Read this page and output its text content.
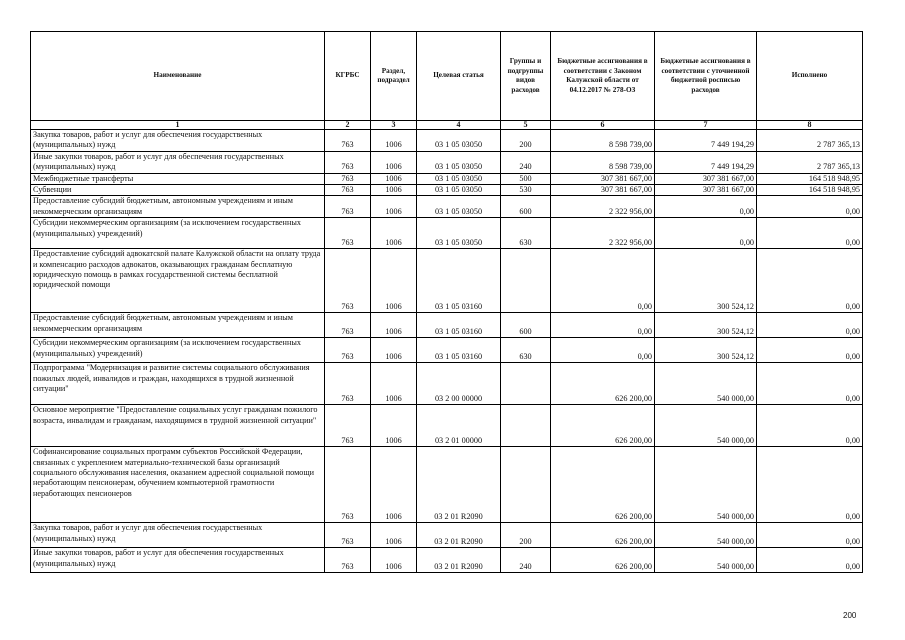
Наименование	КГРБС	Раздел, подраздел	Целевая статья	Группы и подгруппы видов расходов	Бюджетные ассигнования в соответствии с Законом Калужской области от 04.12.2017 № 278-ОЗ	Бюджетные ассигнования в соответствии с уточненной бюджетной росписью расходов	Исполнено
1	2	3	4	5	6	7	8
Закупка товаров, работ и услуг для обеспечения государственных (муниципальных) нужд	763	1006	03 1 05 03050	200	8 598 739,00	7 449 194,29	2 787 365,13
Иные закупки товаров, работ и услуг для обеспечения государственных (муниципальных) нужд	763	1006	03 1 05 03050	240	8 598 739,00	7 449 194,29	2 787 365,13
Межбюджетные трансферты	763	1006	03 1 05 03050	500	307 381 667,00	307 381 667,00	164 518 948,95
Субвенции	763	1006	03 1 05 03050	530	307 381 667,00	307 381 667,00	164 518 948,95
Предоставление субсидий бюджетным, автономным учреждениям и иным некоммерческим организациям	763	1006	03 1 05 03050	600	2 322 956,00	0,00	0,00
Субсидии некоммерческим организациям (за исключением государственных (муниципальных) учреждений)	763	1006	03 1 05 03050	630	2 322 956,00	0,00	0,00
Предоставление субсидий адвокатской палате Калужской области на оплату труда и компенсацию расходов адвокатов, оказывающих гражданам бесплатную юридическую помощь в рамках государственной системы бесплатной юридической помощи	763	1006	03 1 05 03160		0,00	300 524,12	0,00
Предоставление субсидий бюджетным, автономным учреждениям и иным некоммерческим организациям	763	1006	03 1 05 03160	600	0,00	300 524,12	0,00
Субсидии некоммерческим организациям (за исключением государственных (муниципальных) учреждений)	763	1006	03 1 05 03160	630	0,00	300 524,12	0,00
Подпрограмма "Модернизация и развитие системы социального обслуживания пожилых людей, инвалидов и граждан, находящихся в трудной жизненной ситуации"	763	1006	03 2 00 00000		626 200,00	540 000,00	0,00
Основное мероприятие "Предоставление социальных услуг гражданам пожилого возраста, инвалидам и гражданам, находящимся в трудной жизненной ситуации"	763	1006	03 2 01 00000		626 200,00	540 000,00	0,00
Софинансирование социальных программ субъектов Российской Федерации, связанных с укреплением материально-технической базы организаций социального обслуживания населения, оказанием адресной социальной помощи неработающим пенсионерам, обучением компьютерной грамотности неработающих пенсионеров	763	1006	03 2 01 R2090		626 200,00	540 000,00	0,00
Закупка товаров, работ и услуг для обеспечения государственных (муниципальных) нужд	763	1006	03 2 01 R2090	200	626 200,00	540 000,00	0,00
Иные закупки товаров, работ и услуг для обеспечения государственных (муниципальных) нужд	763	1006	03 2 01 R2090	240	626 200,00	540 000,00	0,00
200
